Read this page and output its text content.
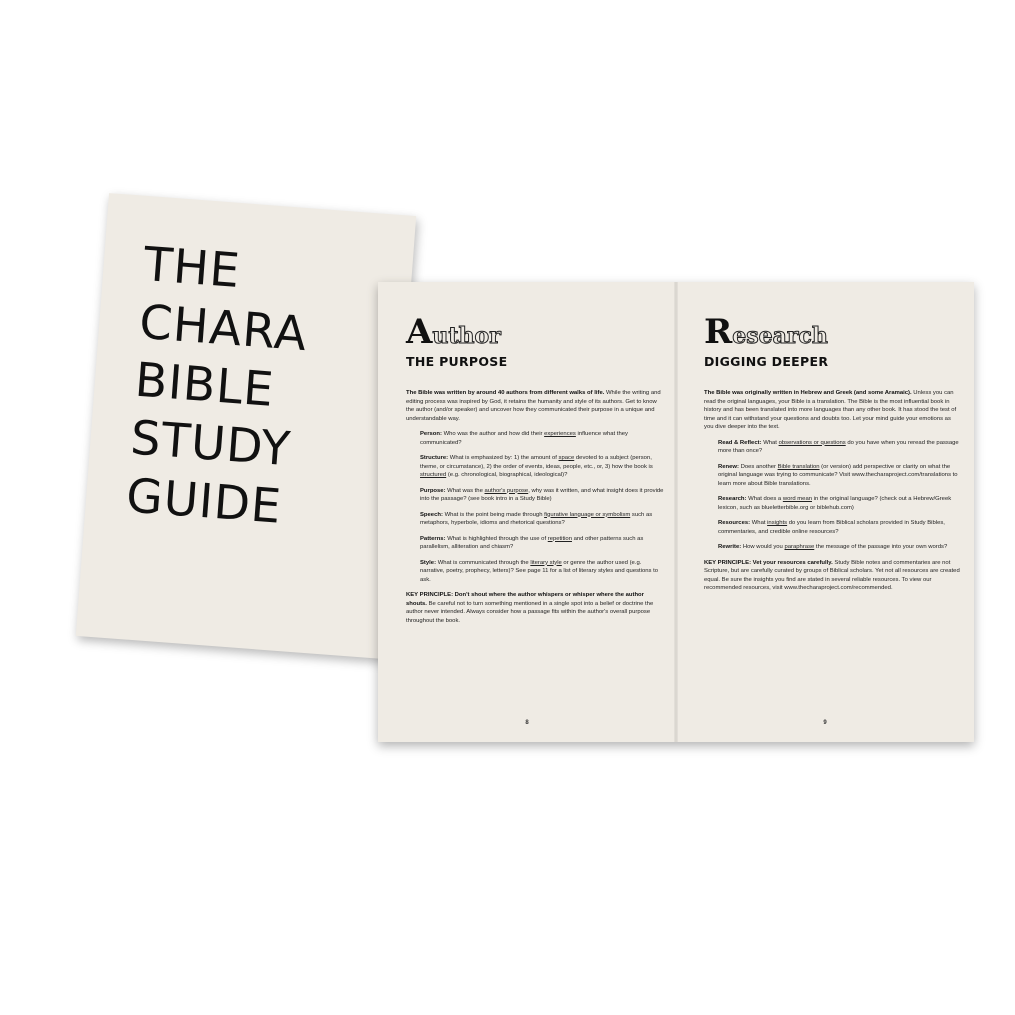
THE
CHARA
BIBLE
STUDY
GUIDE
Author
THE PURPOSE

The Bible was written by around 40 authors from different walks of life. While the writing and editing process was inspired by God, it retains the humanity and style of its authors. Get to know the author (and/or speaker) and uncover how they communicated their purpose in a unique and understandable way.

Person: Who was the author and how did their experiences influence what they communicated?

Structure: What is emphasized by: 1) the amount of space devoted to a subject (person, theme, or circumstance), 2) the order of events, ideas, people, etc., or, 3) how the book is structured (e.g. chronological, biographical, ideological)?

Purpose: What was the author's purpose, why was it written, and what insight does it provide into the passage? (see book intro in a Study Bible)

Speech: What is the point being made through figurative language or symbolism such as metaphors, hyperbole, idioms and rhetorical questions?

Patterns: What is highlighted through the use of repetition and other patterns such as parallelism, alliteration and chiasm?

Style: What is communicated through the literary style or genre the author used (e.g. narrative, poetry, prophecy, letters)? See page 11 for a list of literary styles and questions to ask.

KEY PRINCIPLE: Don't shout where the author whispers or whisper where the author shouts. Be careful not to turn something mentioned in a single spot into a belief or doctrine the author never intended. Always consider how a passage fits within the author's overall purpose throughout the book.

8
Research
DIGGING DEEPER

The Bible was originally written in Hebrew and Greek (and some Aramaic). Unless you can read the original languages, your Bible is a translation. The Bible is the most influential book in history and has been translated into more languages than any other book. It has stood the test of time and it can withstand your questions and doubts too. Let your mind guide your emotions as you dive deeper into the text.

Read & Reflect: What observations or questions do you have when you reread the passage more than once?

Renew: Does another Bible translation (or version) add perspective or clarity on what the original language was trying to communicate? Visit www.thecharaproject.com/translations to learn more about Bible translations.

Research: What does a word mean in the original language? (check out a Hebrew/Greek lexicon, such as blueletterbible.org or biblehub.com)

Resources: What insights do you learn from Biblical scholars provided in Study Bibles, commentaries, and credible online resources?

Rewrite: How would you paraphrase the message of the passage into your own words?

KEY PRINCIPLE: Vet your resources carefully. Study Bible notes and commentaries are not Scripture, but are carefully curated by groups of Biblical scholars. Yet not all resources are created equal. Be sure the insights you find are stated in several reliable resources. To view our recommended resources, visit www.thecharaproject.com/recommended.

9
